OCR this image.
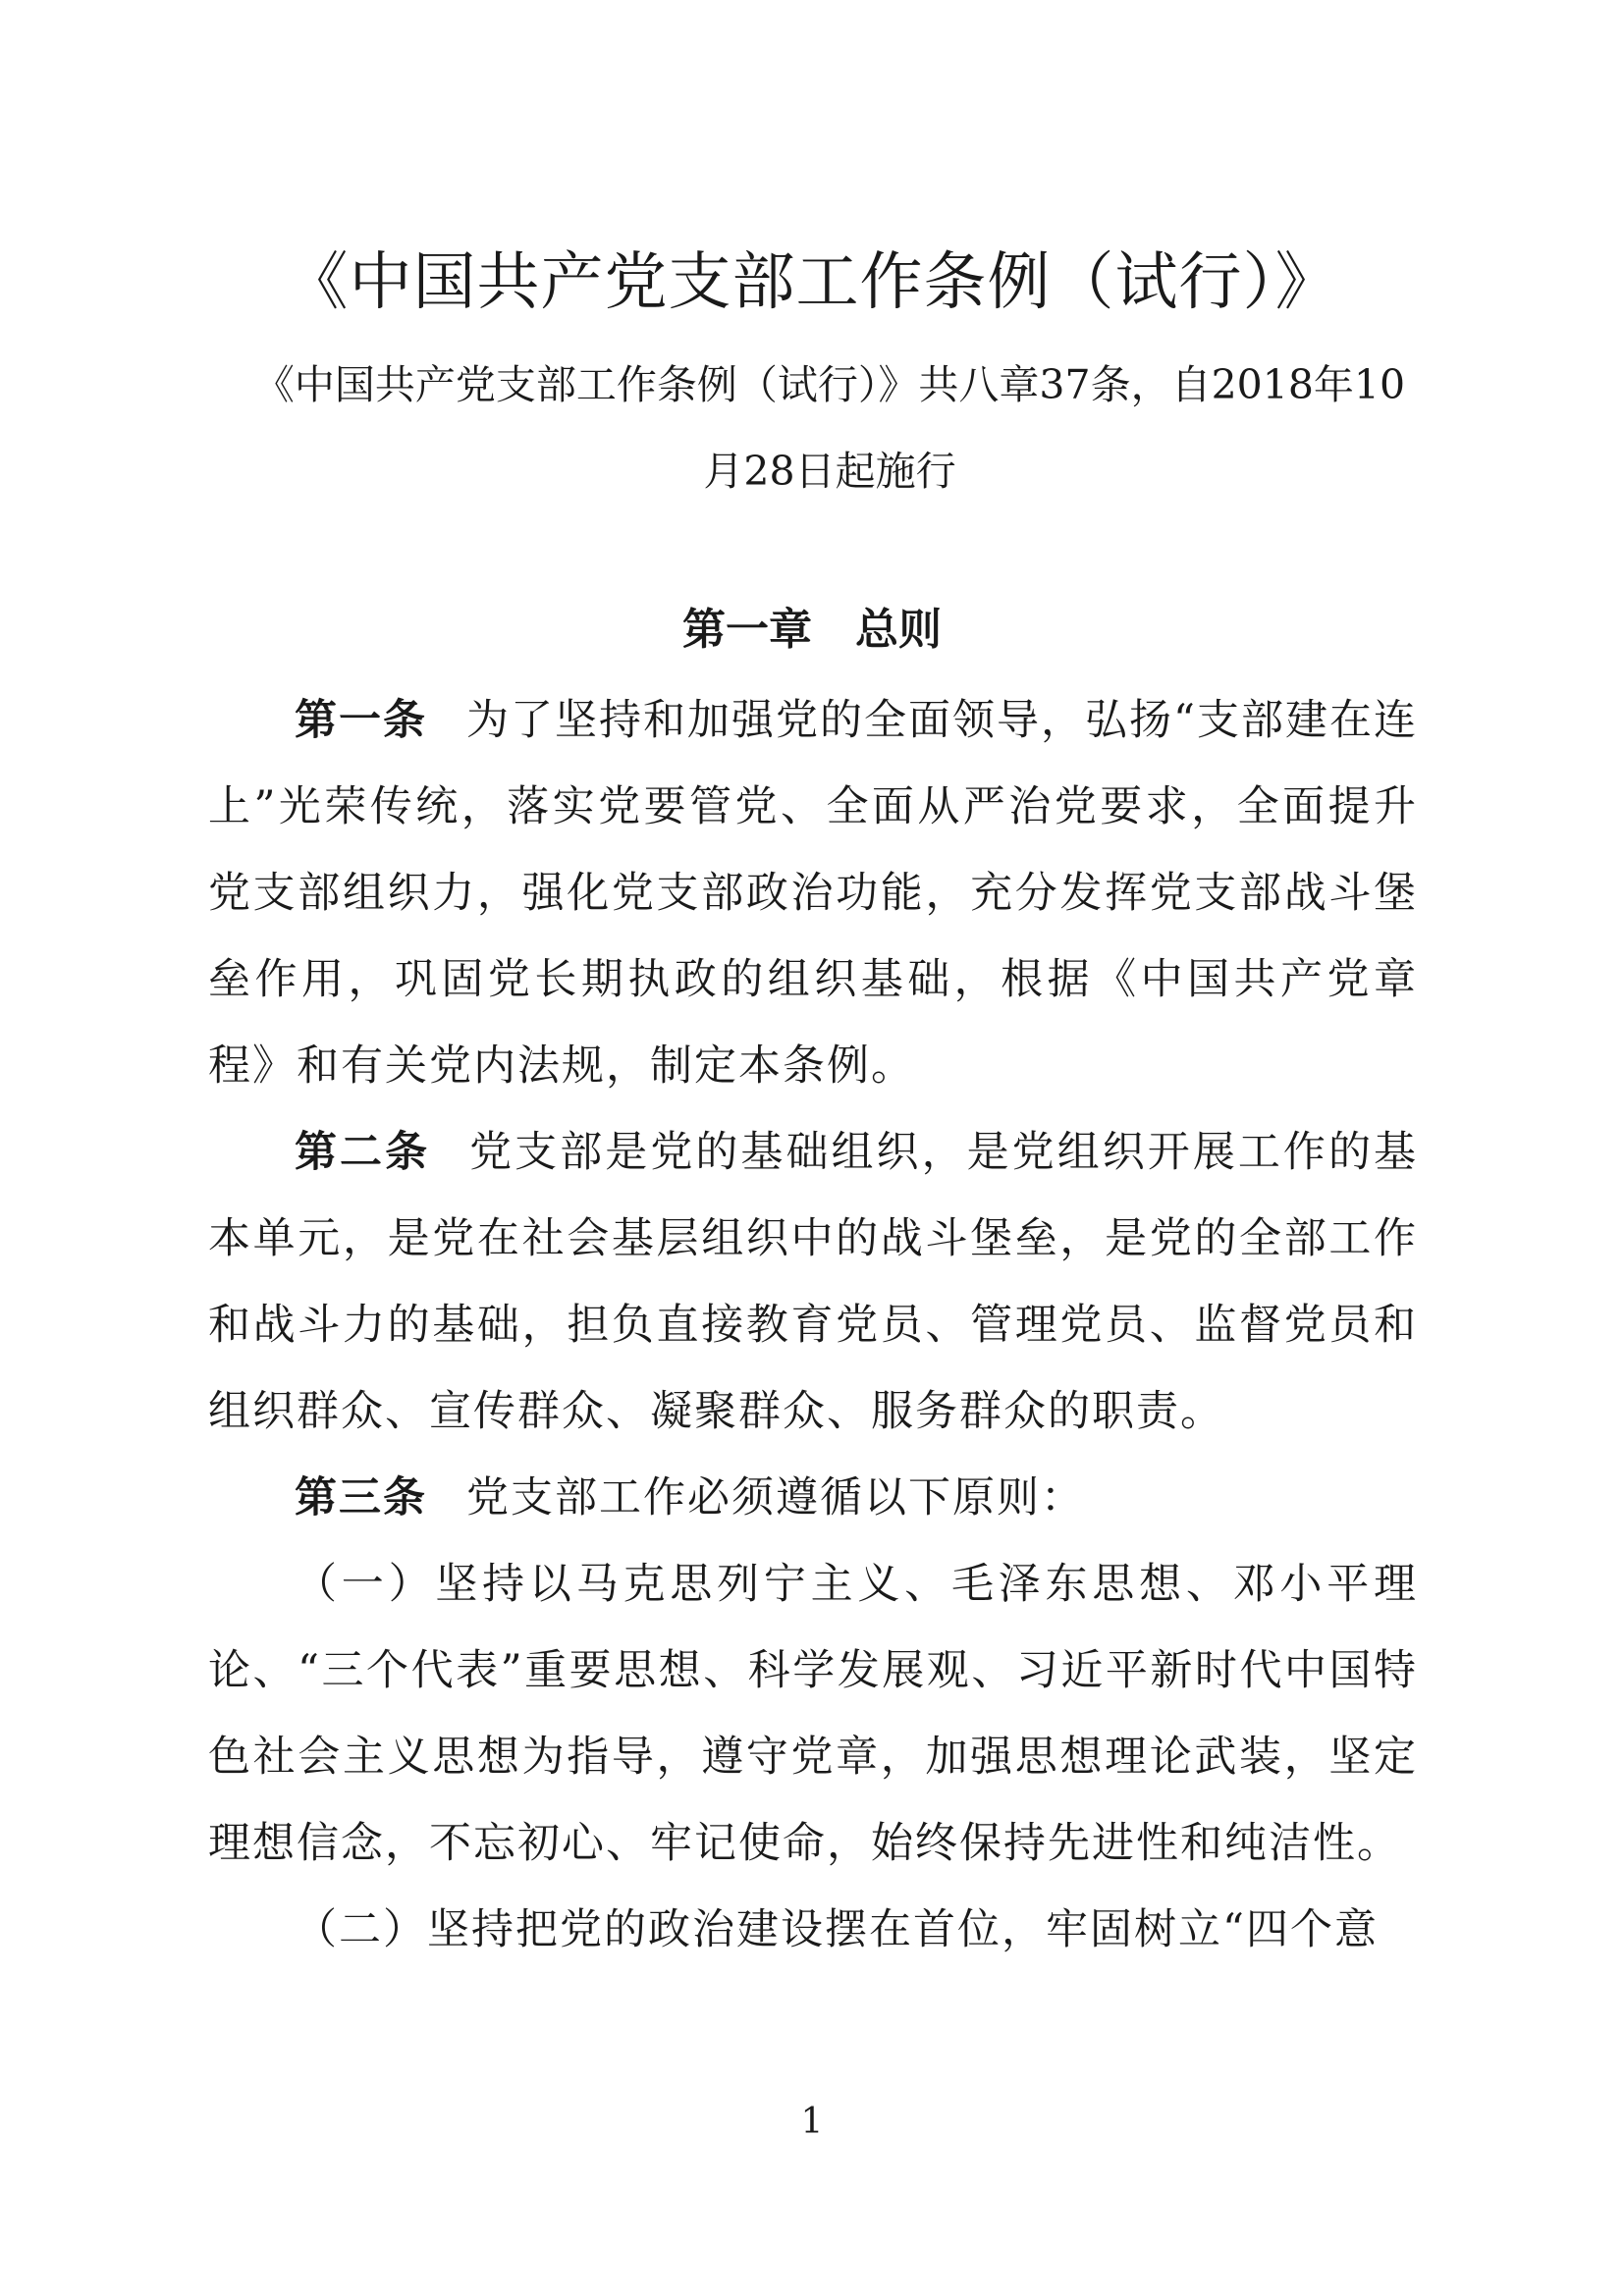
《中国共产党支部工作条例（试行）》

《中国共产党支部工作条例（试行）》共八章37条，自2018年10月28日起施行

第一章　总则

第一条 为了坚持和加强党的全面领导，弘扬“支部建在连上”光荣传统，落实党要管党、全面从严治党要求，全面提升党支部组织力，强化党支部政治功能，充分发挥党支部战斗堡垒作用，巩固党长期执政的组织基础，根据《中国共产党章程》和有关党内法规，制定本条例。

第二条 党支部是党的基础组织，是党组织开展工作的基本单元，是党在社会基层组织中的战斗堡垒，是党的全部工作和战斗力的基础，担负直接教育党员、管理党员、监督党员和组织群众、宣传群众、凝聚群众、服务群众的职责。

第三条 党支部工作必须遵循以下原则：

（一）坚持以马克思列宁主义、毛泽东思想、邓小平理论、“三个代表”重要思想、科学发展观、习近平新时代中国特色社会主义思想为指导，遵守党章，加强思想理论武装，坚定理想信念，不忘初心、牢记使命，始终保持先进性和纯洁性。

（二）坚持把党的政治建设摆在首位，牢固树立“四个意

1
